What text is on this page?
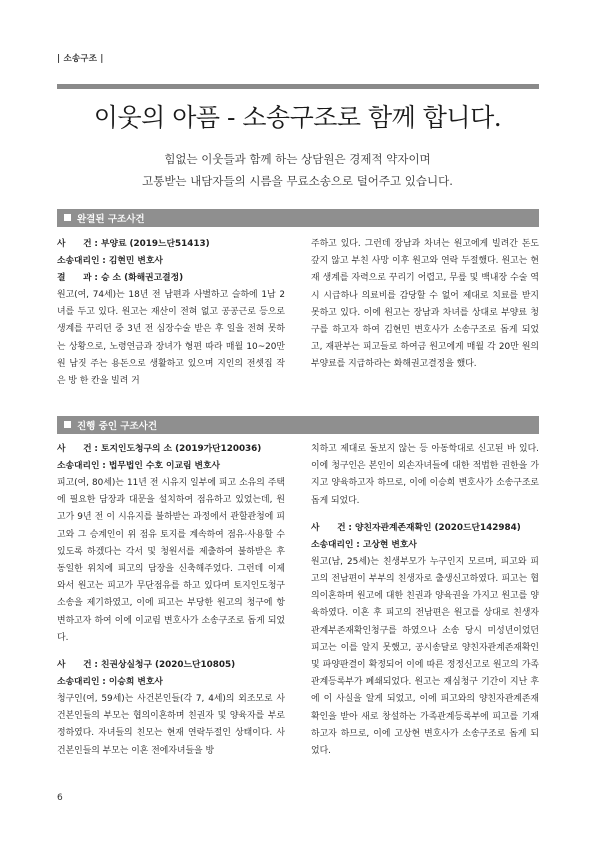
| 소송구조 |
이웃의 아픔 - 소송구조로 함께 합니다.
힘없는 이웃들과 함께 하는 상담원은 경제적 약자이며
고통받는 내담자들의 시름을 무료소송으로 덜어주고 있습니다.
완결된 구조사건
사　　건 : 부양료 (2019느단51413)
소송대리인 : 김현민 변호사
결　　과 : 승 소 (화해권고결정)

원고(여, 74세)는 18년 전 남편과 사별하고 슬하에 1남 2녀를 두고 있다. 원고는 재산이 전혀 없고 공공근로 등으로 생계를 꾸리던 중 3년 전 심장수술 받은 후 일을 전혀 못하는 상황으로, 노령연금과 장녀가 형편 따라 매월 10~20만원 남짓 주는 용돈으로 생활하고 있으며 지인의 전셋집 작은 방 한 칸을 빌려 거

주하고 있다. 그런데 장남과 차녀는 원고에게 빌려간 돈도 갚지 않고 부친 사망 이후 원고와 연락 두절했다. 원고는 현재 생계를 자력으로 꾸리기 어렵고, 무릎 및 백내장 수술 역시 시급하나 의료비를 감당할 수 없어 제대로 치료를 받지 못하고 있다. 이에 원고는 장남과 차녀를 상대로 부양료 청구를 하고자 하여 김현민 변호사가 소송구조로 돕게 되었고, 재판부는 피고들로 하여금 원고에게 매월 각 20만 원의 부양료를 지급하라는 화해권고결정을 했다.

진행 중인 구조사건
사　　건 : 토지인도청구의 소 (2019가단120036)
소송대리인 : 법무법인 수호 이교림 변호사

피고(여, 80세)는 11년 전 시유지 일부에 피고 소유의 주택에 필요한 담장과 대문을 설치하여 점유하고 있었는데, 원고가 9년 전 이 시유지를 불하받는 과정에서 관할관청에 피고와 그 승계인이 위 점유 토지를 계속하여 점유·사용할 수 있도록 하겠다는 각서 및 청원서를 제출하여 불하받은 후 동일한 위치에 피고의 담장을 신축해주었다. 그런데 이제 와서 원고는 피고가 무단점유를 하고 있다며 토지인도청구소송을 제기하였고, 이에 피고는 부당한 원고의 청구에 항변하고자 하여 이에 이교림 변호사가 소송구조로 돕게 되었다.

사　　건 : 친권상실청구 (2020느단10805)
소송대리인 : 이승희 변호사

청구인(여, 59세)는 사건본인들(각 7, 4세)의 외조모로 사건본인들의 부모는 협의이혼하며 친권자 및 양육자를 부로 정하였다. 자녀들의 친모는 현재 연락두절인 상태이다. 사건본인들의 부모는 이혼 전에자녀들을 방

치하고 제대로 돌보지 않는 등 아동학대로 신고된 바 있다. 이에 청구인은 본인이 외손자녀들에 대한 적법한 권한을 가지고 양육하고자 하므로, 이에 이승희 변호사가 소송구조로 돕게 되었다.

사　　건 : 양친자관계존재확인 (2020드단142984)
소송대리인 : 고상현 변호사

원고(남, 25세)는 친생부모가 누구인지 모르며, 피고와 피고의 전남편이 부부의 친생자로 출생신고하였다. 피고는 협의이혼하며 원고에 대한 친권과 양육권을 가지고 원고를 양육하였다. 이혼 후 피고의 전남편은 원고를 상대로 친생자관계부존재확인청구를 하였으나 소송 당시 미성년이었던 피고는 이를 알지 못했고, 공시송달로 양친자관계존재확인 및 파양판결이 확정되어 이에 따른 정정신고로 원고의 가족관계등록부가 폐쇄되었다. 원고는 재심청구 기간이 지난 후에 이 사실을 알게 되었고, 이에 피고와의 양친자관계존재확인을 받아 새로 창설하는 가족관계등록부에 피고를 기재하고자 하므로, 이에 고상현 변호사가 소송구조로 돕게 되었다.

6
